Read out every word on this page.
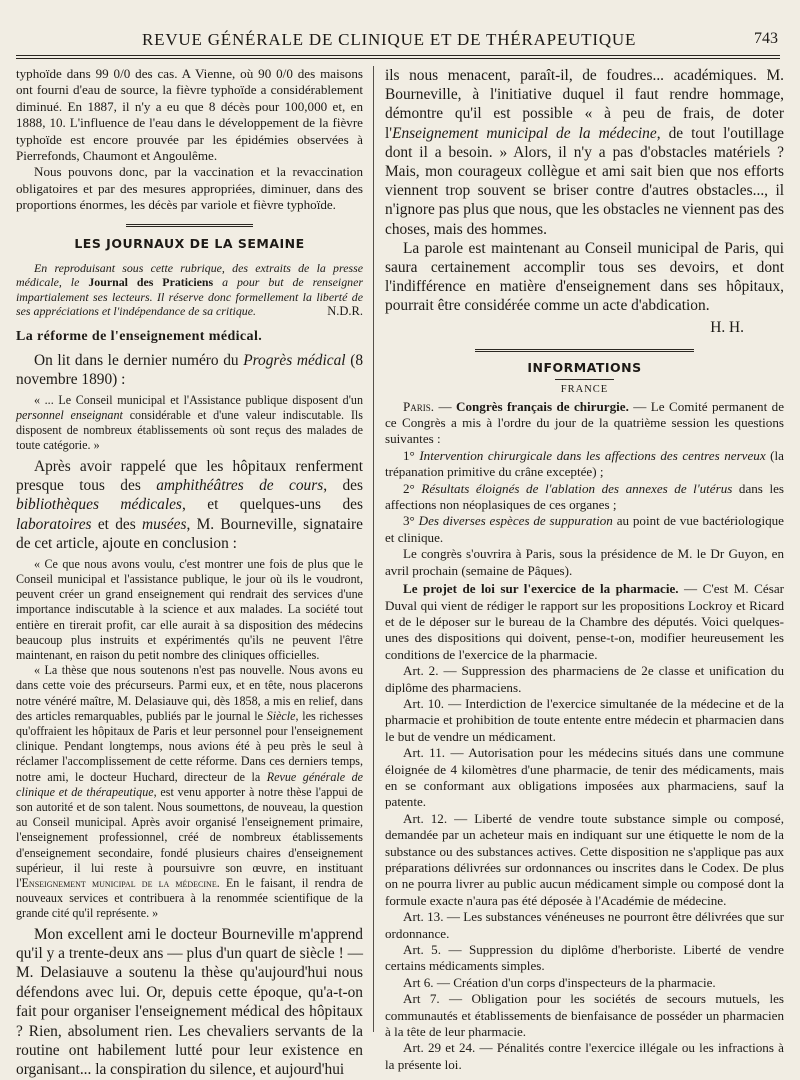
REVUE GÉNÉRALE DE CLINIQUE ET DE THÉRAPEUTIQUE	743

typhoïde dans 99 0/0 des cas. A Vienne, où 90 0/0 des maisons ont fourni d'eau de source, la fièvre typhoïde a considérablement diminué. En 1887, il n'y a eu que 8 décès pour 100,000 et, en 1888, 10. L'influence de l'eau dans le développement de la fièvre typhoïde est encore prouvée par les épidémies observées à Pierrefonds, Chaumont et Angoulême.

Nous pouvons donc, par la vaccination et la revaccination obligatoires et par des mesures appropriées, diminuer, dans des proportions énormes, les décès par variole et fièvre typhoïde.

LES JOURNAUX DE LA SEMAINE

En reproduisant sous cette rubrique, des extraits de la presse médicale, le Journal des Praticiens a pour but de renseigner impartialement ses lecteurs. Il réserve donc formellement la liberté de ses appréciations et l'indépendance de sa critique.	N.D.R.

La réforme de l'enseignement médical.

On lit dans le dernier numéro du Progrès médical (8 novembre 1890) :

« ... Le Conseil municipal et l'Assistance publique disposent d'un personnel enseignant considérable et d'une valeur indiscutable. Ils disposent de nombreux établissements où sont reçus des malades de toute catégorie. »

Après avoir rappelé que les hôpitaux renferment presque tous des amphithéâtres de cours, des bibliothèques médicales, et quelques-uns des laboratoires et des musées, M. Bourneville, signataire de cet article, ajoute en conclusion :

« Ce que nous avons voulu, c'est montrer une fois de plus que le Conseil municipal et l'assistance publique, le jour où ils le voudront, peuvent créer un grand enseignement qui rendrait des services d'une importance indiscutable à la science et aux malades. La société tout entière en tirerait profit, car elle aurait à sa disposition des médecins beaucoup plus instruits et expérimentés qu'ils ne peuvent l'être maintenant, en raison du petit nombre des cliniques officielles.

« La thèse que nous soutenons n'est pas nouvelle. Nous avons eu dans cette voie des précurseurs. Parmi eux, et en tête, nous placerons notre vénéré maître, M. Delasiauve qui, dès 1858, a mis en relief, dans des articles remarquables, publiés par le journal le Siècle, les richesses qu'offraient les hôpitaux de Paris et leur personnel pour l'enseignement clinique. Pendant longtemps, nous avions été à peu près le seul à réclamer l'accomplissement de cette réforme. Dans ces derniers temps, notre ami, le docteur Huchard, directeur de la Revue générale de clinique et de thérapeutique, est venu apporter à notre thèse l'appui de son autorité et de son talent. Nous soumettons, de nouveau, la question au Conseil municipal. Après avoir organisé l'enseignement primaire, l'enseignement professionnel, créé de nombreux établissements d'enseignement secondaire, fondé plusieurs chaires d'enseignement supérieur, il lui reste à poursuivre son œuvre, en instituant l'Enseignement municipal de la médecine. En le faisant, il rendra de nouveaux services et contribuera à la renommée scientifique de la grande cité qu'il représente. »

Mon excellent ami le docteur Bourneville m'apprend qu'il y a trente-deux ans — plus d'un quart de siècle ! — M. Delasiauve a soutenu la thèse qu'aujourd'hui nous défendons avec lui. Or, depuis cette époque, qu'a-t-on fait pour organiser l'enseignement médical des hôpitaux ? Rien, absolument rien. Les chevaliers servants de la routine ont habilement lutté pour leur existence en organisant... la conspiration du silence, et aujourd'hui

ils nous menacent, paraît-il, de foudres... académiques. M. Bourneville, à l'initiative duquel il faut rendre hommage, démontre qu'il est possible « à peu de frais, de doter l'Enseignement municipal de la médecine, de tout l'outillage dont il a besoin. » Alors, il n'y a pas d'obstacles matériels ? Mais, mon courageux collègue et ami sait bien que nos efforts viennent trop souvent se briser contre d'autres obstacles..., il n'ignore pas plus que nous, que les obstacles ne viennent pas des choses, mais des hommes.

La parole est maintenant au Conseil municipal de Paris, qui saura certainement accomplir tous ses devoirs, et dont l'indifférence en matière d'enseignement dans ses hôpitaux, pourrait être considérée comme un acte d'abdication.

H. H.
INFORMATIONS
FRANCE

Paris. — Congrès français de chirurgie. — Le Comité permanent de ce Congrès a mis à l'ordre du jour de la quatrième session les questions suivantes :

1° Intervention chirurgicale dans les affections des centres nerveux (la trépanation primitive du crâne exceptée) ;

2° Résultats éloignés de l'ablation des annexes de l'utérus dans les affections non néoplasiques de ces organes ;

3° Des diverses espèces de suppuration au point de vue bactériologique et clinique.

Le congrès s'ouvrira à Paris, sous la présidence de M. le Dr Guyon, en avril prochain (semaine de Pâques).

Le projet de loi sur l'exercice de la pharmacie. — C'est M. César Duval qui vient de rédiger le rapport sur les propositions Lockroy et Ricard et de le déposer sur le bureau de la Chambre des députés. Voici quelques-unes des dispositions qui doivent, pense-t-on, modifier heureusement les conditions de l'exercice de la pharmacie.

Art. 2. — Suppression des pharmaciens de 2e classe et unification du diplôme des pharmaciens.

Art. 10. — Interdiction de l'exercice simultanée de la médecine et de la pharmacie et prohibition de toute entente entre médecin et pharmacien dans le but de vendre un médicament.

Art. 11. — Autorisation pour les médecins situés dans une commune éloignée de 4 kilomètres d'une pharmacie, de tenir des médicaments, mais en se conformant aux obligations imposées aux pharmaciens, sauf la patente.

Art. 12. — Liberté de vendre toute substance simple ou composé, demandée par un acheteur mais en indiquant sur une étiquette le nom de la substance ou des substances actives. Cette disposition ne s'applique pas aux préparations délivrées sur ordonnances ou inscrites dans le Codex. De plus on ne pourra livrer au public aucun médicament simple ou composé dont la formule exacte n'aura pas été déposée à l'Académie de médecine.

Art. 13. — Les substances vénéneuses ne pourront être délivrées que sur ordonnance.

Art. 5. — Suppression du diplôme d'herboriste. Liberté de vendre certains médicaments simples.

Art 6. — Création d'un corps d'inspecteurs de la pharmacie.

Art 7. — Obligation pour les sociétés de secours mutuels, les communautés et établissements de bienfaisance de posséder un pharmacien à la tête de leur pharmacie.

Art. 29 et 24. — Pénalités contre l'exercice illégale ou les infractions à la présente loi.
